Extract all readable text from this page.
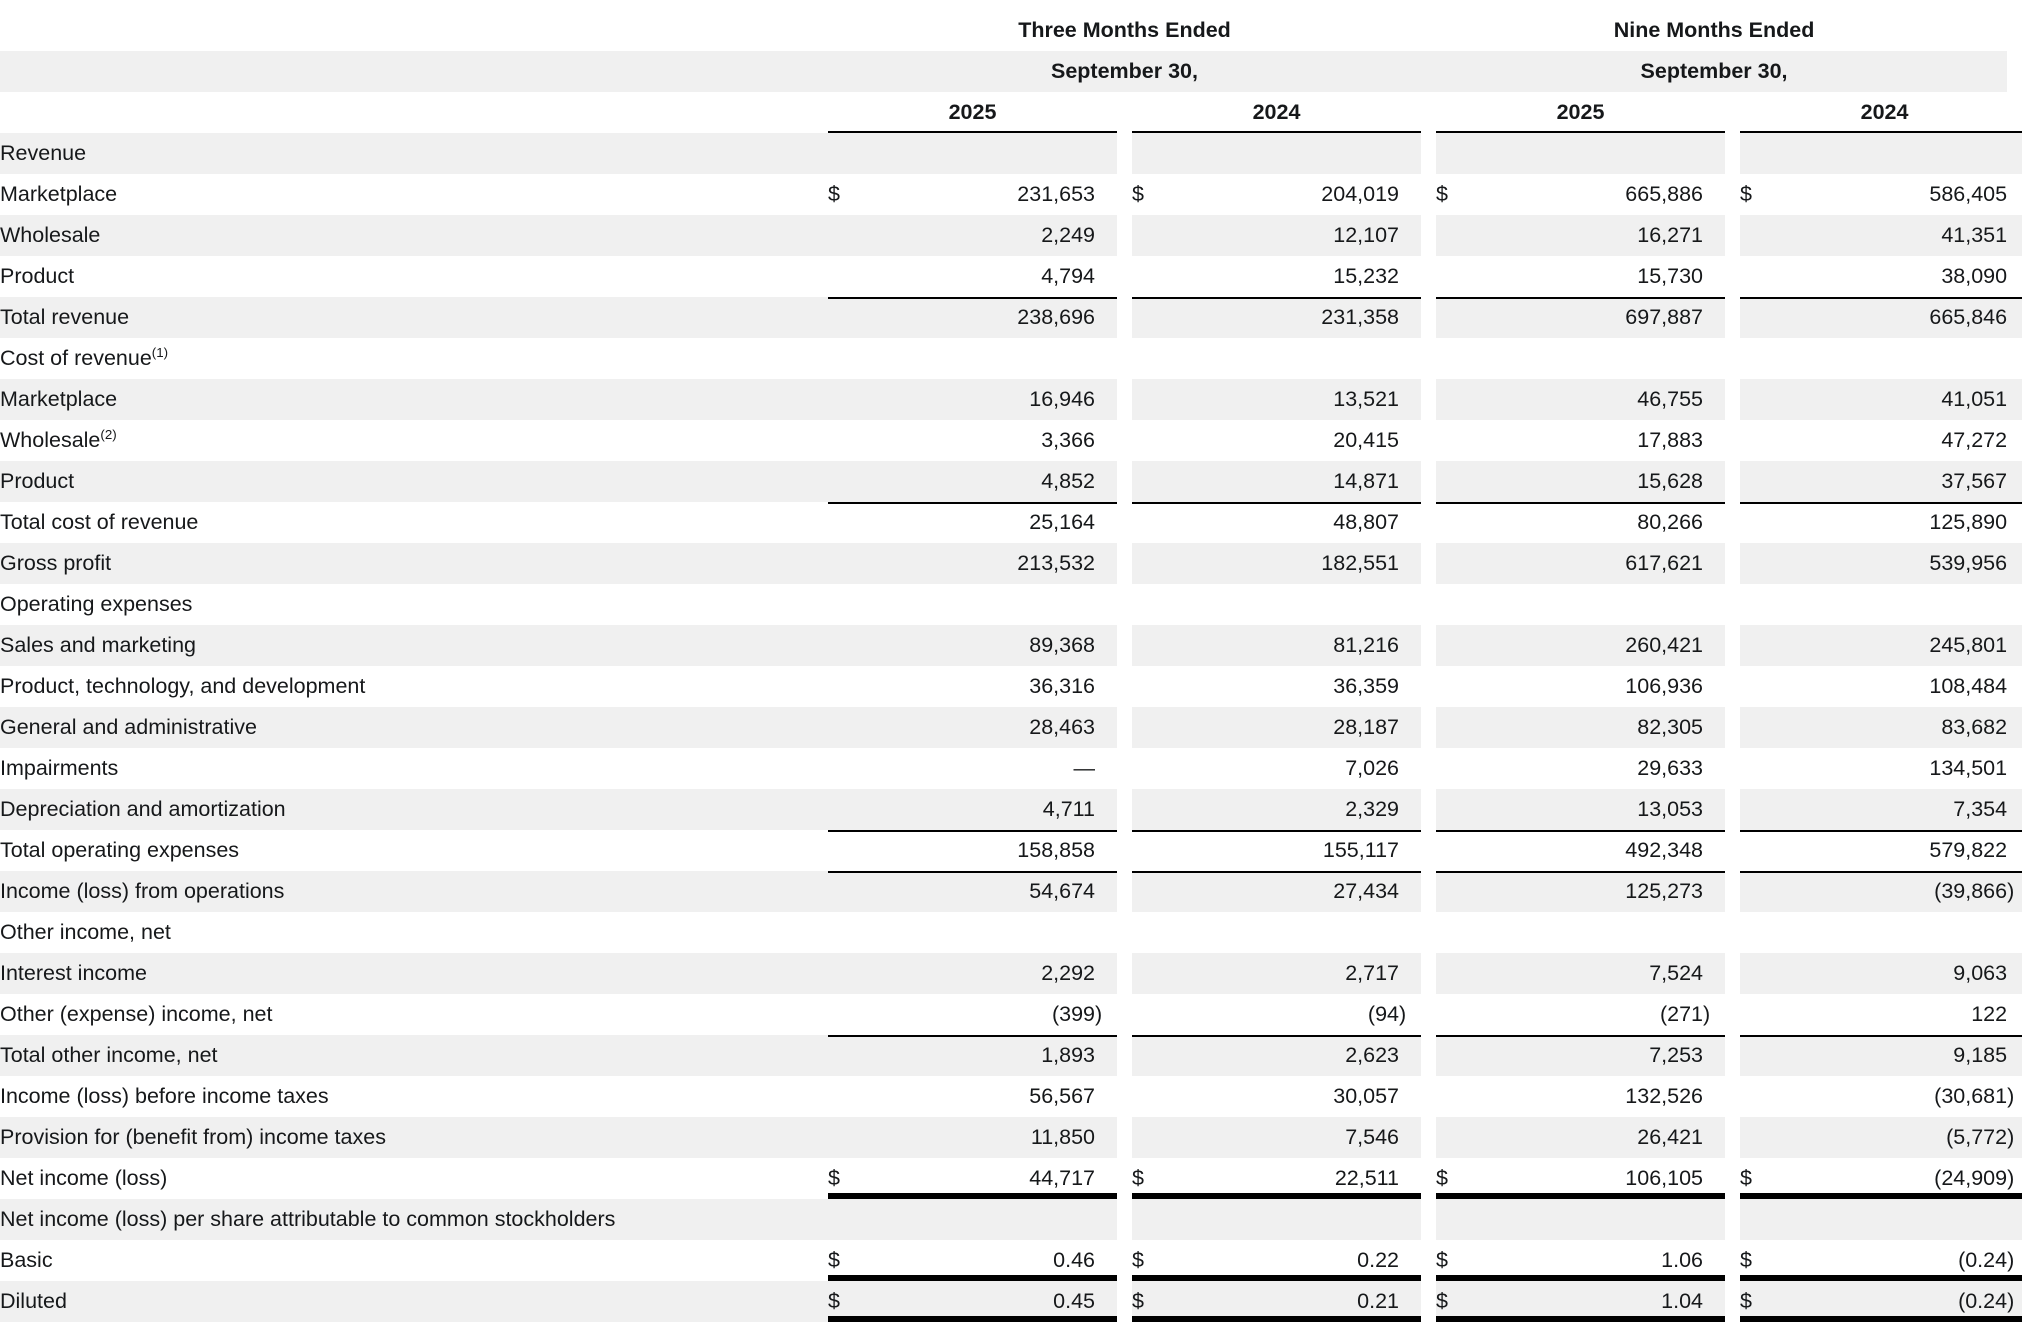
	Three Months Ended							Nine Months Ended							
	September 30,							September 30,							
	2025				2024				2025				2024		
Revenue															
Marketplace	$	231,653			$	204,019			$	665,886			$	586,405	
Wholesale		2,249				12,107				16,271				41,351	
Product		4,794				15,232				15,730				38,090	
Total revenue		238,696				231,358				697,887				665,846	
Cost of revenue$^{(1)}$															
Marketplace		16,946				13,521				46,755				41,051	
Wholesale$^{(2)}$		3,366				20,415				17,883				47,272	
Product		4,852				14,871				15,628				37,567	
Total cost of revenue		25,164				48,807				80,266				125,890	
Gross profit		213,532				182,551				617,621				539,956	
Operating expenses															
Sales and marketing		89,368				81,216				260,421				245,801	
Product, technology, and development		36,316				36,359				106,936				108,484	
General and administrative		28,463				28,187				82,305				83,682	
Impairments		—				7,026				29,633				134,501	
Depreciation and amortization		4,711				2,329				13,053				7,354	
Total operating expenses		158,858				155,117				492,348				579,822	
Income (loss) from operations		54,674				27,434				125,273				(39,866	)
Other income, net															
Interest income		2,292				2,717				7,524				9,063	
Other (expense) income, net		(399	)			(94	)			(271	)			122	
Total other income, net		1,893				2,623				7,253				9,185	
Income (loss) before income taxes		56,567				30,057				132,526				(30,681	)
Provision for (benefit from) income taxes		11,850				7,546				26,421				(5,772	)
Net income (loss)	$	44,717			$	22,511			$	106,105			$	(24,909	)
Net income (loss) per share attributable to common stockholders															
Basic	$	0.46			$	0.22			$	1.06			$	(0.24	)
Diluted	$	0.45			$	0.21			$	1.04			$	(0.24	)
